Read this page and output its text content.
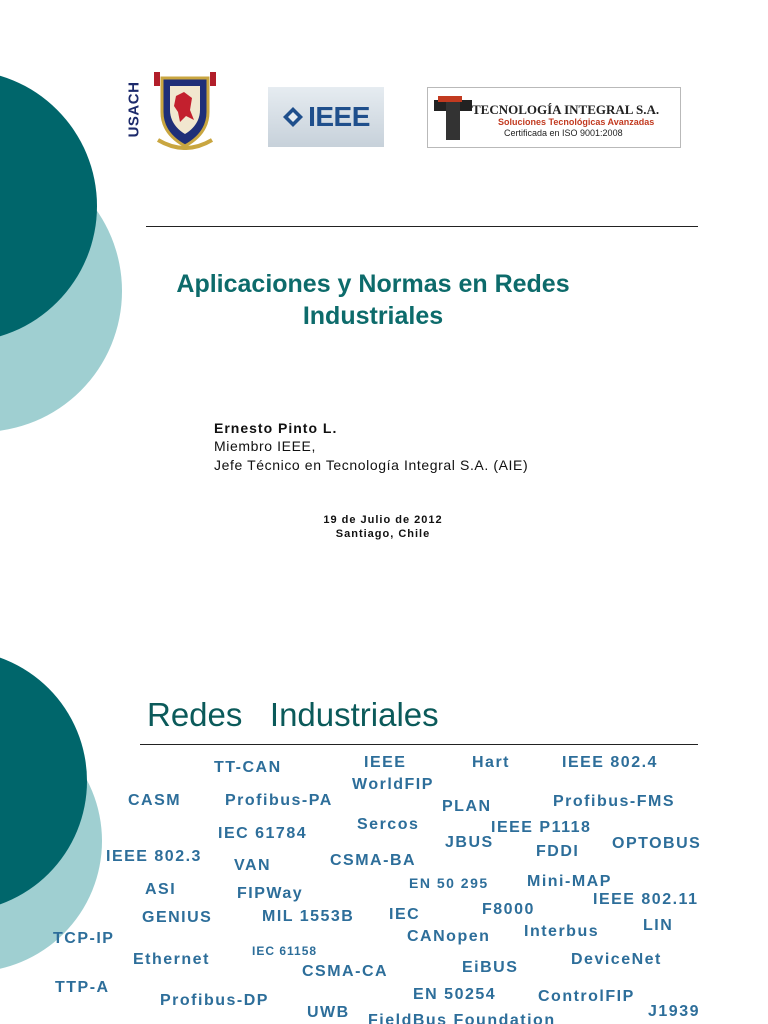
USACH	IEEE	TECNOLOGÍA INTEGRAL S.A.
Soluciones Tecnológicas Avanzadas
Certificada en ISO 9001:2008
Aplicaciones y Normas en Redes
Industriales
Ernesto Pinto L.
Miembro IEEE,
Jefe Técnico en Tecnología Integral S.A. (AIE)
19 de Julio de 2012
Santiago, Chile
Redes   Industriales
TT-CAN	IEEE	Hart	IEEE 802.4
WorldFIP
CASM	Profibus-PA	PLAN	Profibus-FMS
Sercos	IEEE P1118
IEC 61784
JBUS	OPTOBUS
IEEE 802.3	FDDI
VAN	CSMA-BA
EN 50 295 Mini-MAP
ASI	FIPWay	IEEE 802.11
F8000
GENIUS	MIL 1553B IEC
LIN
TCP-IP	CANopen Interbus
IEC 61158
Ethernet	DeviceNet
CSMA-CA	EiBUS
TTP-A	EN 50254	ControlFIP
Profibus-DP
J1939
UWB FieldBus Foundation
